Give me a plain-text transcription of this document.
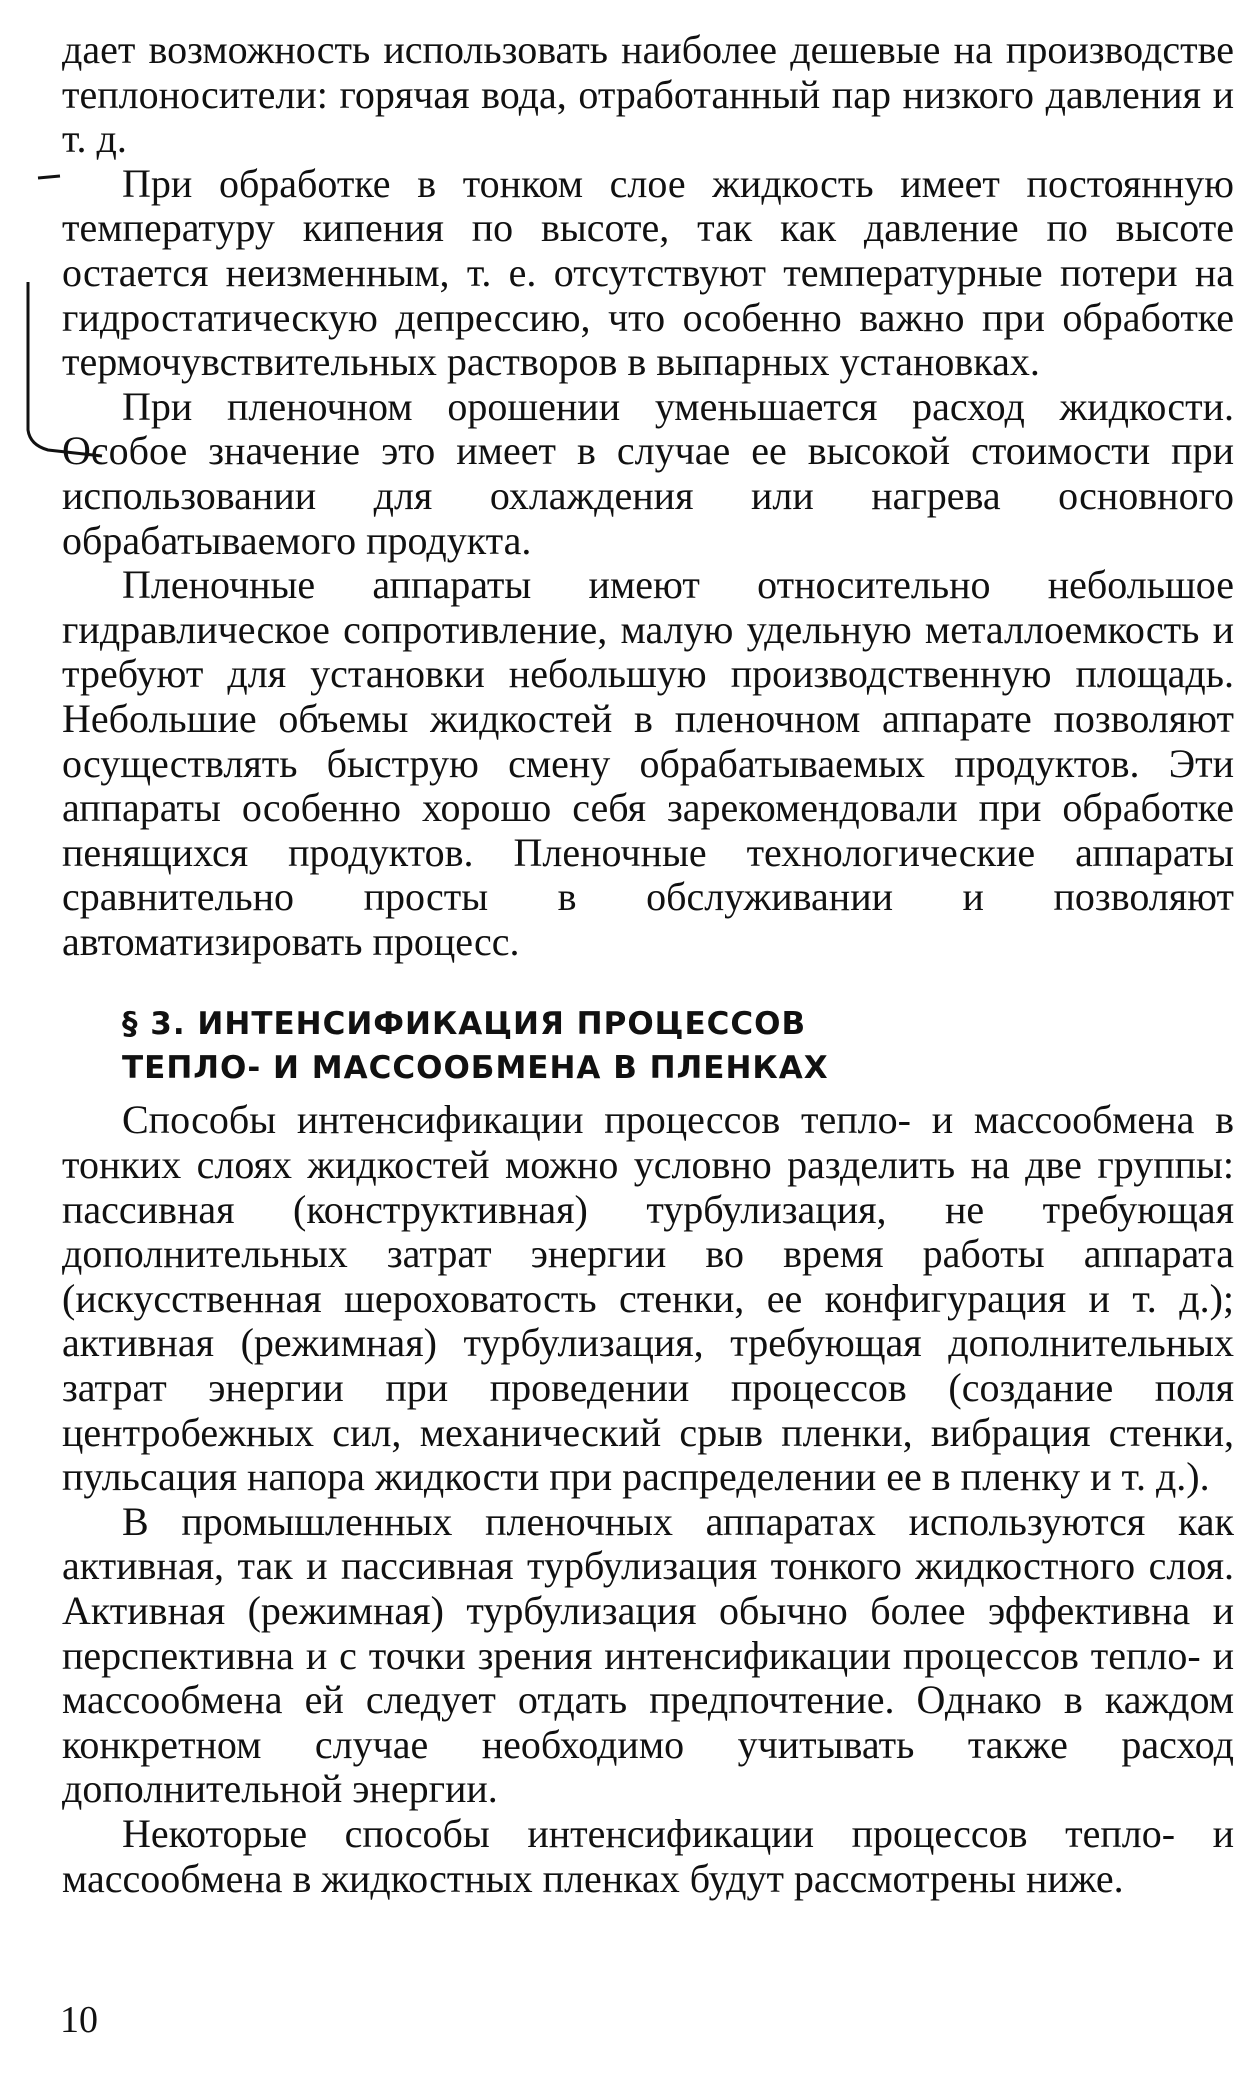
дает возможность использовать наиболее дешевые на производстве теплоносители: горячая вода, отработанный пар низкого давления и т. д.

При обработке в тонком слое жидкость имеет постоянную температуру кипения по высоте, так как давление по высоте остается неизменным, т. е. отсутствуют температурные потери на гидростатическую депрессию, что особенно важно при обработке термочувствительных растворов в выпарных установках.

При пленочном орошении уменьшается расход жидкости. Особое значение это имеет в случае ее высокой стоимости при использовании для охлаждения или нагрева основного обрабатываемого продукта.

Пленочные аппараты имеют относительно небольшое гидравлическое сопротивление, малую удельную металлоемкость и требуют для установки небольшую производственную площадь. Небольшие объемы жидкостей в пленочном аппарате позволяют осуществлять быструю смену обрабатываемых продуктов. Эти аппараты особенно хорошо себя зарекомендовали при обработке пенящихся продуктов. Пленочные технологические аппараты сравнительно просты в обслуживании и позволяют автоматизировать процесс.

§ 3. ИНТЕНСИФИКАЦИЯ ПРОЦЕССОВ

ТЕПЛО- И МАССООБМЕНА В ПЛЕНКАХ

Способы интенсификации процессов тепло- и массообмена в тонких слоях жидкостей можно условно разделить на две группы: пассивная (конструктивная) турбулизация, не требующая дополнительных затрат энергии во время работы аппарата (искусственная шероховатость стенки, ее конфигурация и т. д.); активная (режимная) турбулизация, требующая дополнительных затрат энергии при проведении процессов (создание поля центробежных сил, механический срыв пленки, вибрация стенки, пульсация напора жидкости при распределении ее в пленку и т. д.).

В промышленных пленочных аппаратах используются как активная, так и пассивная турбулизация тонкого жидкостного слоя. Активная (режимная) турбулизация обычно более эффективна и перспективна и с точки зрения интенсификации процессов тепло- и массообмена ей следует отдать предпочтение. Однако в каждом конкретном случае необходимо учитывать также расход дополнительной энергии.

Некоторые способы интенсификации процессов тепло- и массообмена в жидкостных пленках будут рассмотрены ниже.

10
